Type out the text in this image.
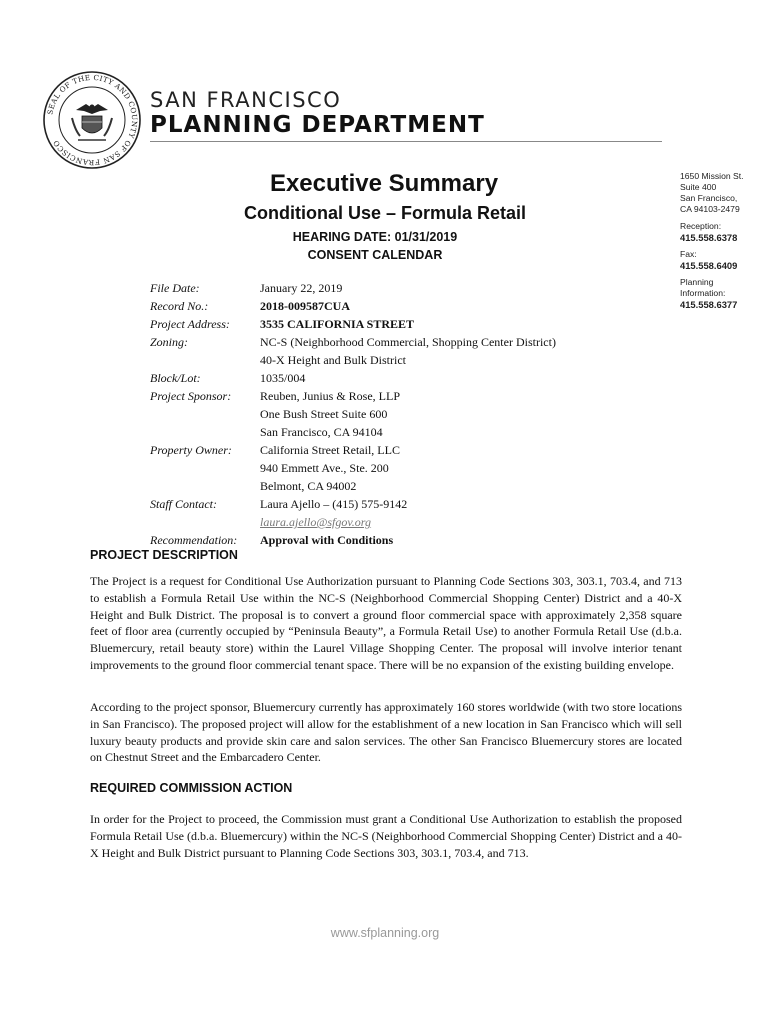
SEAL OF THE CITY AND COUNTY OF SAN FRANCISCO
SAN FRANCISCO
PLANNING DEPARTMENT
1650 Mission St.
Suite 400
San Francisco,
CA 94103-2479
Reception:
415.558.6378
Fax:
415.558.6409
Planning
Information:
415.558.6377
Executive Summary
Conditional Use – Formula Retail
HEARING DATE: 01/31/2019
CONSENT CALENDAR
File Date:	January 22, 2019
Record No.:	2018-009587CUA
Project Address:	3535 CALIFORNIA STREET
Zoning:	NC-S (Neighborhood Commercial, Shopping Center District)
	40-X Height and Bulk District
Block/Lot:	1035/004
Project Sponsor:	Reuben, Junius & Rose, LLP
	One Bush Street Suite 600
	San Francisco, CA 94104
Property Owner:	California Street Retail, LLC
	940 Emmett Ave., Ste. 200
	Belmont, CA 94002
Staff Contact:	Laura Ajello – (415) 575-9142
	laura.ajello@sfgov.org
Recommendation:	Approval with Conditions
PROJECT DESCRIPTION

The Project is a request for Conditional Use Authorization pursuant to Planning Code Sections 303, 303.1, 703.4, and 713 to establish a Formula Retail Use within the NC-S (Neighborhood Commercial Shopping Center) District and a 40-X Height and Bulk District. The proposal is to convert a ground floor commercial space with approximately 2,358 square feet of floor area (currently occupied by “Peninsula Beauty”, a Formula Retail Use) to another Formula Retail Use (d.b.a. Bluemercury, retail beauty store) within the Laurel Village Shopping Center. The proposal will involve interior tenant improvements to the ground floor commercial tenant space. There will be no expansion of the existing building envelope.

According to the project sponsor, Bluemercury currently has approximately 160 stores worldwide (with two store locations in San Francisco). The proposed project will allow for the establishment of a new location in San Francisco which will sell luxury beauty products and provide skin care and salon services. The other San Francisco Bluemercury stores are located on Chestnut Street and the Embarcadero Center.

REQUIRED COMMISSION ACTION

In order for the Project to proceed, the Commission must grant a Conditional Use Authorization to establish the proposed Formula Retail Use (d.b.a. Bluemercury) within the NC-S (Neighborhood Commercial Shopping Center) District and a 40-X Height and Bulk District pursuant to Planning Code Sections 303, 303.1, 703.4, and 713.

www.sfplanning.org
